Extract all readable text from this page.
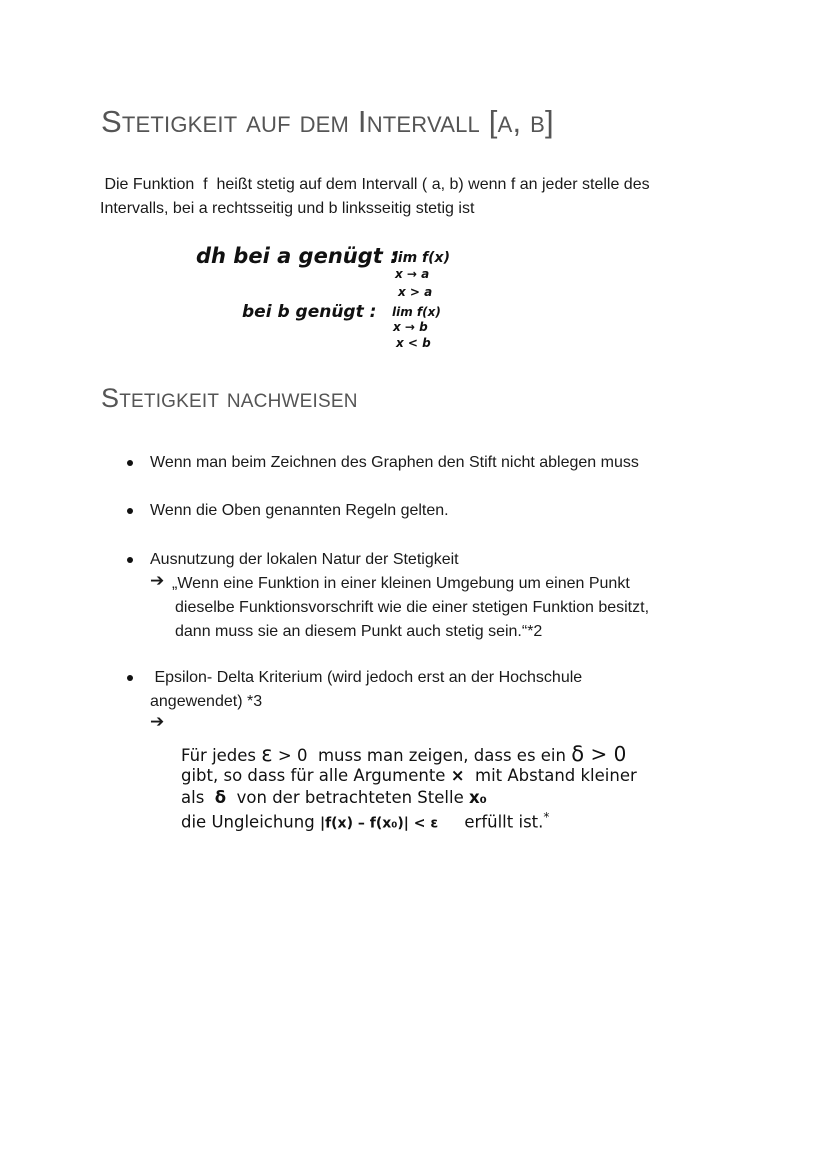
Stetigkeit auf dem Intervall [a, b]
Die Funktion  f  heißt stetig auf dem Intervall ( a, b) wenn f an jeder stelle des
Intervalls, bei a rechtsseitig und b linksseitig stetig ist
dh bei a genügt :
lim f(x)
x → a
x > a
bei b genügt : lim f(x)
x → b
x < b
Stetigkeit nachweisen
Wenn man beim Zeichnen des Graphen den Stift nicht ablegen muss
Wenn die Oben genannten Regeln gelten.
Ausnutzung der lokalen Natur der Stetigkeit
➔ „Wenn eine Funktion in einer kleinen Umgebung um einen Punkt
dieselbe Funktionsvorschrift wie die einer stetigen Funktion besitzt,
dann muss sie an diesem Punkt auch stetig sein.“*2
Epsilon- Delta Kriterium (wird jedoch erst an der Hochschule
angewendet) *3
➔
Für jedes ε > 0  muss man zeigen, dass es ein δ > 0
gibt, so dass für alle Argumente ×  mit Abstand kleiner
als  δ  von der betrachteten Stelle x₀
die Ungleichung |f(x) – f(x₀)| < ε     erfüllt ist.*
